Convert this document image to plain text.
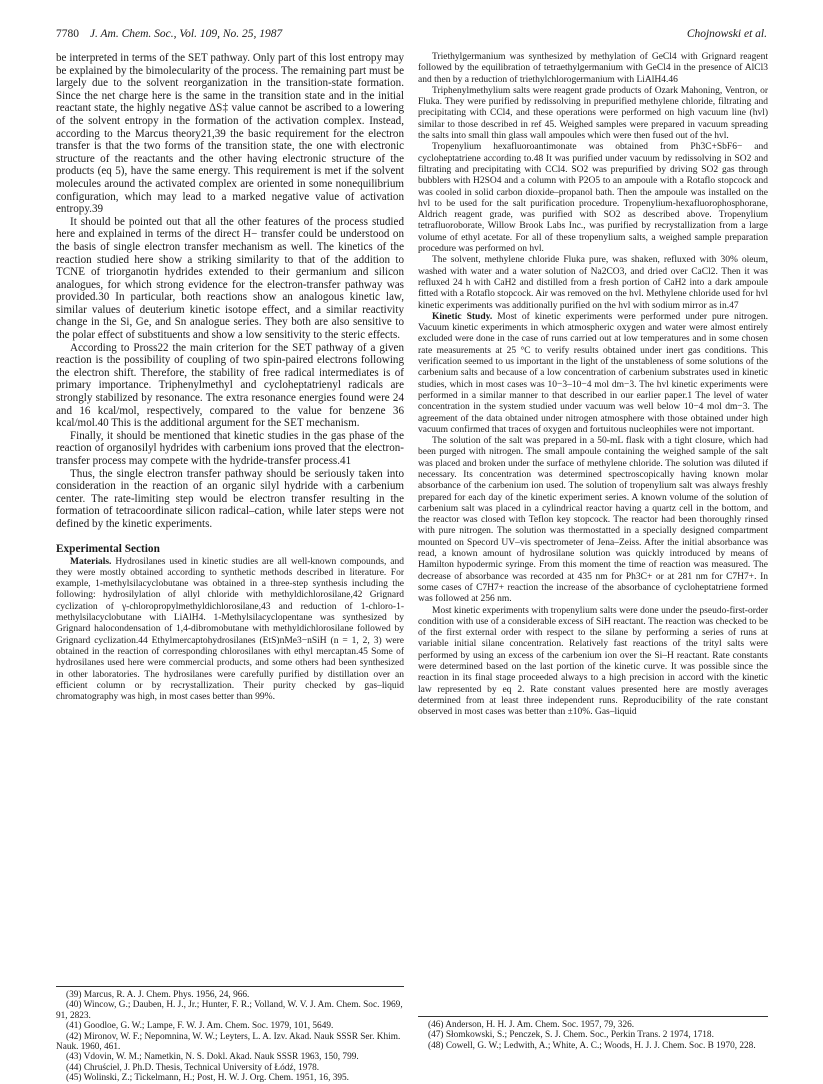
7780 J. Am. Chem. Soc., Vol. 109, No. 25, 1987	Chojnowski et al.

be interpreted in terms of the SET pathway. Only part of this lost entropy may be explained by the bimolecularity of the process. The remaining part must be largely due to the solvent reorganization in the transition-state formation. Since the net charge here is the same in the transition state and in the initial reactant state, the highly negative ΔS‡ value cannot be ascribed to a lowering of the solvent entropy in the formation of the activation complex. Instead, according to the Marcus theory21,39 the basic requirement for the electron transfer is that the two forms of the transition state, the one with electronic structure of the reactants and the other having electronic structure of the products (eq 5), have the same energy. This requirement is met if the solvent molecules around the activated complex are oriented in some nonequilibrium configuration, which may lead to a marked negative value of activation entropy.39

It should be pointed out that all the other features of the process studied here and explained in terms of the direct H− transfer could be understood on the basis of single electron transfer mechanism as well. The kinetics of the reaction studied here show a striking similarity to that of the addition to TCNE of triorganotin hydrides extended to their germanium and silicon analogues, for which strong evidence for the electron-transfer pathway was provided.30 In particular, both reactions show an analogous kinetic law, similar values of deuterium kinetic isotope effect, and a similar reactivity change in the Si, Ge, and Sn analogue series. They both are also sensitive to the polar effect of substituents and show a low sensitivity to the steric effects.

According to Pross22 the main criterion for the SET pathway of a given reaction is the possibility of coupling of two spin-paired electrons following the electron shift. Therefore, the stability of free radical intermediates is of primary importance. Triphenylmethyl and cycloheptatrienyl radicals are strongly stabilized by resonance. The extra resonance energies found were 24 and 16 kcal/mol, respectively, compared to the value for benzene 36 kcal/mol.40 This is the additional argument for the SET mechanism.

Finally, it should be mentioned that kinetic studies in the gas phase of the reaction of organosilyl hydrides with carbenium ions proved that the electron-transfer process may compete with the hydride-transfer process.41

Thus, the single electron transfer pathway should be seriously taken into consideration in the reaction of an organic silyl hydride with a carbenium center. The rate-limiting step would be electron transfer resulting in the formation of tetracoordinate silicon radical–cation, while later steps were not defined by the kinetic experiments.

Experimental Section

Materials. Hydrosilanes used in kinetic studies are all well-known compounds, and they were mostly obtained according to synthetic methods described in literature. For example, 1-methylsilacyclobutane was obtained in a three-step synthesis including the following: hydrosilylation of allyl chloride with methyldichlorosilane,42 Grignard cyclization of γ-chloropropylmethyldichlorosilane,43 and reduction of 1-chloro-1-methylsilacyclobutane with LiAlH4. 1-Methylsilacyclopentane was synthesized by Grignard halocondensation of 1,4-dibromobutane with methyldichlorosilane followed by Grignard cyclization.44 Ethylmercaptohydrosilanes (EtS)nMe3−nSiH (n = 1, 2, 3) were obtained in the reaction of corresponding chlorosilanes with ethyl mercaptan.45 Some of hydrosilanes used here were commercial products, and some others had been synthesized in other laboratories. The hydrosilanes were carefully purified by distillation over an efficient column or by recrystallization. Their purity checked by gas–liquid chromatography was high, in most cases better than 99%.

(39) Marcus, R. A. J. Chem. Phys. 1956, 24, 966.

(40) Wincow, G.; Dauben, H. J., Jr.; Hunter, F. R.; Volland, W. V. J. Am. Chem. Soc. 1969, 91, 2823.

(41) Goodloe, G. W.; Lampe, F. W. J. Am. Chem. Soc. 1979, 101, 5649.

(42) Mironov, W. F.; Nepomnina, W. W.; Leyters, L. A. Izv. Akad. Nauk SSSR Ser. Khim. Nauk. 1960, 461.

(43) Vdovin, W. M.; Nametkin, N. S. Dokl. Akad. Nauk SSSR 1963, 150, 799.

(44) Chruściel, J. Ph.D. Thesis, Technical University of Łódź, 1978.

(45) Wolinski, Z.; Tickelmann, H.; Post, H. W. J. Org. Chem. 1951, 16, 395.

Triethylgermanium was synthesized by methylation of GeCl4 with Grignard reagent followed by the equilibration of tetraethylgermanium with GeCl4 in the presence of AlCl3 and then by a reduction of triethylchlorogermanium with LiAlH4.46

Triphenylmethylium salts were reagent grade products of Ozark Mahoning, Ventron, or Fluka. They were purified by redissolving in prepurified methylene chloride, filtrating and precipitating with CCl4, and these operations were performed on high vacuum line (hvl) similar to those described in ref 45. Weighed samples were prepared in vacuum spreading the salts into small thin glass wall ampoules which were then fused out of the hvl.

Tropenylium hexafluoroantimonate was obtained from Ph3C+SbF6− and cycloheptatriene according to.48 It was purified under vacuum by redissolving in SO2 and filtrating and precipitating with CCl4. SO2 was prepurified by driving SO2 gas through bubblers with H2SO4 and a column with P2O5 to an ampoule with a Rotaflo stopcock and was cooled in solid carbon dioxide–propanol bath. Then the ampoule was installed on the hvl to be used for the salt purification procedure. Tropenylium-hexafluorophosphorane, Aldrich reagent grade, was purified with SO2 as described above. Tropenylium tetrafluoroborate, Willow Brook Labs Inc., was purified by recrystallization from a large volume of ethyl acetate. For all of these tropenylium salts, a weighed sample preparation procedure was performed on hvl.

The solvent, methylene chloride Fluka pure, was shaken, refluxed with 30% oleum, washed with water and a water solution of Na2CO3, and dried over CaCl2. Then it was refluxed 24 h with CaH2 and distilled from a fresh portion of CaH2 into a dark ampoule fitted with a Rotaflo stopcock. Air was removed on the hvl. Methylene chloride used for hvl kinetic experiments was additionally purified on the hvl with sodium mirror as in.47

Kinetic Study. Most of kinetic experiments were performed under pure nitrogen. Vacuum kinetic experiments in which atmospheric oxygen and water were almost entirely excluded were done in the case of runs carried out at low temperatures and in some chosen rate measurements at 25 °C to verify results obtained under inert gas conditions. This verification seemed to us important in the light of the unstableness of some solutions of the carbenium salts and because of a low concentration of carbenium substrates used in kinetic studies, which in most cases was 10−3–10−4 mol dm−3. The hvl kinetic experiments were performed in a similar manner to that described in our earlier paper.1 The level of water concentration in the system studied under vacuum was well below 10−4 mol dm−3. The agreement of the data obtained under nitrogen atmosphere with those obtained under high vacuum confirmed that traces of oxygen and fortuitous nucleophiles were not important.

The solution of the salt was prepared in a 50-mL flask with a tight closure, which had been purged with nitrogen. The small ampoule containing the weighed sample of the salt was placed and broken under the surface of methylene chloride. The solution was diluted if necessary. Its concentration was determined spectroscopically having known molar absorbance of the carbenium ion used. The solution of tropenylium salt was always freshly prepared for each day of the kinetic experiment series. A known volume of the solution of carbenium salt was placed in a cylindrical reactor having a quartz cell in the bottom, and the reactor was closed with Teflon key stopcock. The reactor had been thoroughly rinsed with pure nitrogen. The solution was thermostatted in a specially designed compartment mounted on Specord UV–vis spectrometer of Jena–Zeiss. After the initial absorbance was read, a known amount of hydrosilane solution was quickly introduced by means of Hamilton hypodermic syringe. From this moment the time of reaction was measured. The decrease of absorbance was recorded at 435 nm for Ph3C+ or at 281 nm for C7H7+. In some cases of C7H7+ reaction the increase of the absorbance of cycloheptatriene formed was followed at 256 nm.

Most kinetic experiments with tropenylium salts were done under the pseudo-first-order condition with use of a considerable excess of SiH reactant. The reaction was checked to be of the first external order with respect to the silane by performing a series of runs at variable initial silane concentration. Relatively fast reactions of the trityl salts were performed by using an excess of the carbenium ion over the Si–H reactant. Rate constants were determined based on the last portion of the kinetic curve. It was possible since the reaction in its final stage proceeded always to a high precision in accord with the kinetic law represented by eq 2. Rate constant values presented here are mostly averages determined from at least three independent runs. Reproducibility of the rate constant observed in most cases was better than ±10%. Gas–liquid

(46) Anderson, H. H. J. Am. Chem. Soc. 1957, 79, 326.

(47) Słomkowski, S.; Penczek, S. J. Chem. Soc., Perkin Trans. 2 1974, 1718.

(48) Cowell, G. W.; Ledwith, A.; White, A. C.; Woods, H. J. J. Chem. Soc. B 1970, 228.
